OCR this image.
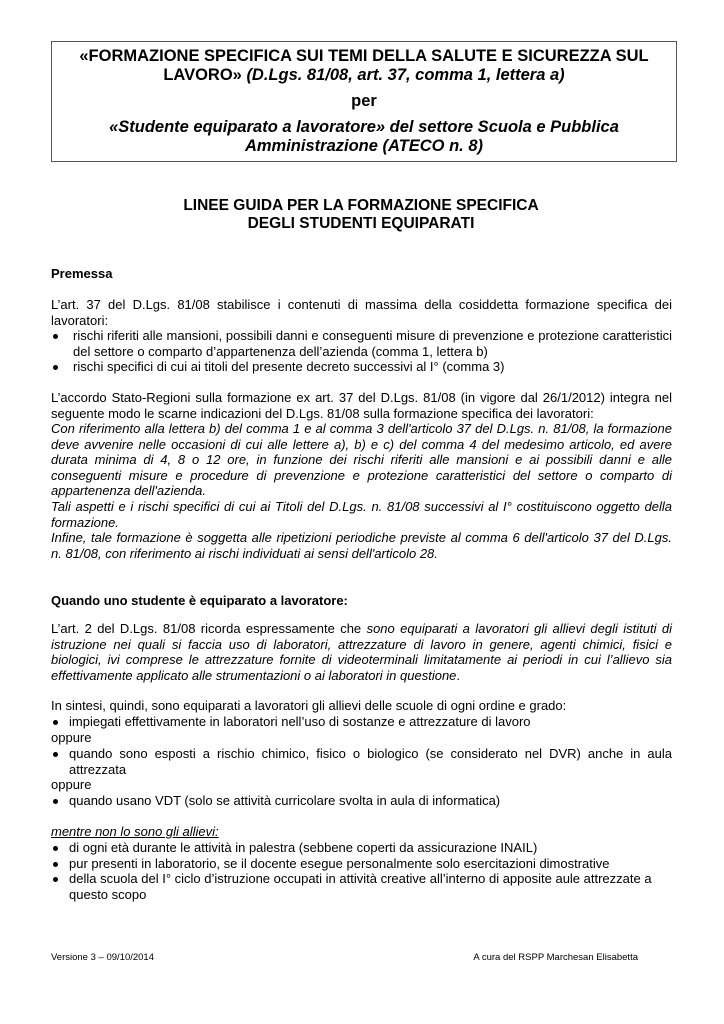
«FORMAZIONE SPECIFICA SUI TEMI DELLA SALUTE E SICUREZZA SUL
LAVORO» (D.Lgs. 81/08, art. 37, comma 1, lettera a)
per
«Studente equiparato a lavoratore» del settore Scuola e Pubblica
Amministrazione (ATECO n. 8)
LINEE GUIDA PER LA FORMAZIONE SPECIFICA
DEGLI STUDENTI EQUIPARATI
Premessa
L’art. 37 del D.Lgs. 81/08 stabilisce i contenuti di massima della cosiddetta formazione specifica dei lavoratori:
rischi riferiti alle mansioni, possibili danni e conseguenti misure di prevenzione e protezione caratteristici del settore o comparto d’appartenenza dell’azienda (comma 1, lettera b)
rischi specifici di cui ai titoli del presente decreto successivi al I° (comma 3)
L’accordo Stato-Regioni sulla formazione ex art. 37 del D.Lgs. 81/08 (in vigore dal 26/1/2012) integra nel seguente modo le scarne indicazioni del D.Lgs. 81/08 sulla formazione specifica dei lavoratori:
Con riferimento alla lettera b) del comma 1 e al comma 3 dell'articolo 37 del D.Lgs. n. 81/08, la formazione deve avvenire nelle occasioni di cui alle lettere a), b) e c) del comma 4 del medesimo articolo, ed avere durata minima di 4, 8 o 12 ore, in funzione dei rischi riferiti alle mansioni e ai possibili danni e alle conseguenti misure e procedure di prevenzione e protezione caratteristici del settore o comparto di appartenenza dell'azienda.
Tali aspetti e i rischi specifici di cui ai Titoli del D.Lgs. n. 81/08 successivi al I° costituiscono oggetto della formazione.
Infine, tale formazione è soggetta alle ripetizioni periodiche previste al comma 6 dell'articolo 37 del D.Lgs. n. 81/08, con riferimento ai rischi individuati ai sensi dell'articolo 28.
Quando uno studente è equiparato a lavoratore:
L’art. 2 del D.Lgs. 81/08 ricorda espressamente che sono equiparati a lavoratori gli allievi degli istituti di istruzione nei quali si faccia uso di laboratori, attrezzature di lavoro in genere, agenti chimici, fisici e biologici, ivi comprese le attrezzature fornite di videoterminali limitatamente ai periodi in cui l’allievo sia effettivamente applicato alle strumentazioni o ai laboratori in questione.
In sintesi, quindi, sono equiparati a lavoratori gli allievi delle scuole di ogni ordine e grado:
impiegati effettivamente in laboratori nell’uso di sostanze e attrezzature di lavoro
oppure
quando sono esposti a rischio chimico, fisico o biologico (se considerato nel DVR) anche in aula attrezzata
oppure
quando usano VDT (solo se attività curricolare svolta in aula di informatica)
mentre non lo sono gli allievi:
di ogni età durante le attività in palestra (sebbene coperti da assicurazione INAIL)
pur presenti in laboratorio, se il docente esegue personalmente solo esercitazioni dimostrative
della scuola del I° ciclo d’istruzione occupati in attività creative all’interno di apposite aule attrezzate a questo scopo
Versione 3 – 09/10/2014	A cura del RSPP Marchesan Elisabetta
